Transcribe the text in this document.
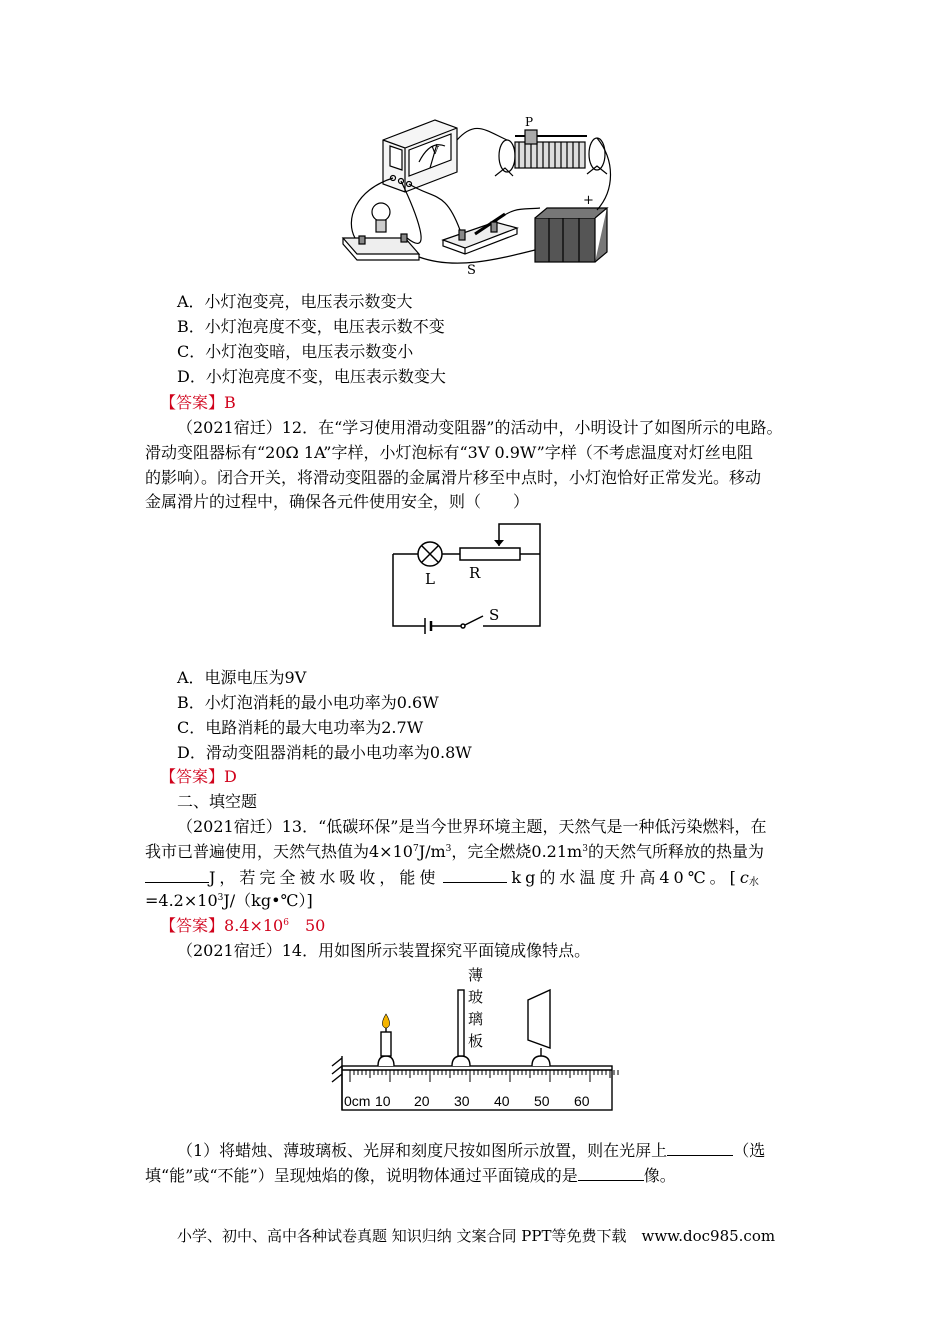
P
V
S
+
A．小灯泡变亮，电压表示数变大
B．小灯泡亮度不变，电压表示数不变
C．小灯泡变暗，电压表示数变小
D．小灯泡亮度不变，电压表示数变大
【答案】B
（2021宿迁）12．在“学习使用滑动变阻器”的活动中，小明设计了如图所示的电路。
滑动变阻器标有“20Ω 1A”字样，小灯泡标有“3V 0.9W”字样（不考虑温度对灯丝电阻
的影响）。闭合开关，将滑动变阻器的金属滑片移至中点时，小灯泡恰好正常发光。移动
金属滑片的过程中，确保各元件使用安全，则（　　）
L R
S
A．电源电压为9V
B．小灯泡消耗的最小电功率为0.6W
C．电路消耗的最大电功率为2.7W
D．滑动变阻器消耗的最小电功率为0.8W
【答案】D
二、填空题
（2021宿迁）13．“低碳环保”是当今世界环境主题，天然气是一种低污染燃料，在
我市已普遍使用，天然气热值为$4\times 10^7J/m^3$，完全燃烧$0.21m^3$的天然气所释放的热量为
J，若完全被水吸收，能使	kg的水温度升高40℃。[c水
$=4.2\times 10^3J/(kg•℃)$]
【答案】$8.4\times 10^6$　50
（2021宿迁）14．用如图所示装置探究平面镜成像特点。
薄
玻
璃
板
0cm 10 20 30 40 50 60
（1）将蜡烛、薄玻璃板、光屏和刻度尺按如图所示放置，则在光屏上	（选
填“能”或“不能”）呈现烛焰的像，说明物体通过平面镜成的是	像。
小学、初中、高中各种试卷真题 知识归纳 文案合同 PPT等免费下载　www.doc985.com
